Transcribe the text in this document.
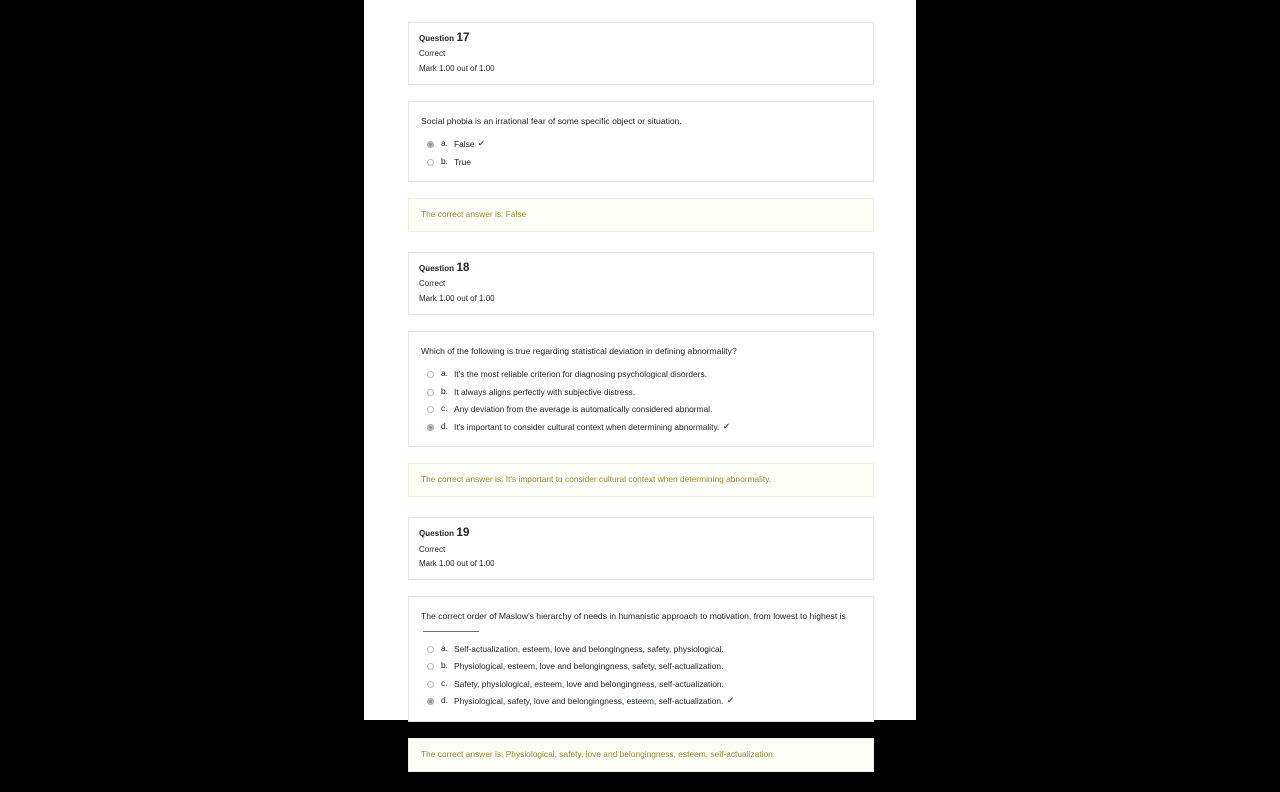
Question 17

Correct

Mark 1.00 out of 1.00

Social phobia is an irrational fear of some specific object or situation.

a. False ✓
b. True

The correct answer is: False

Question 18

Correct

Mark 1.00 out of 1.00

Which of the following is true regarding statistical deviation in defining abnormality?

a. It's the most reliable criterion for diagnosing psychological disorders.
b. It always aligns perfectly with subjective distress.
c. Any deviation from the average is automatically considered abnormal.
d. It's important to consider cultural context when determining abnormality. ✓

The correct answer is: It's important to consider cultural context when determining abnormality.

Question 19

Correct

Mark 1.00 out of 1.00

The correct order of Maslow's hierarchy of needs in humanistic approach to motivation, from lowest to highest is

a. Self-actualization, esteem, love and belongingness, safety, physiological.
b. Physiological, esteem, love and belongingness, safety, self-actualization.
c. Safety, physiological, esteem, love and belongingness, self-actualization.
d. Physiological, safety, love and belongingness, esteem, self-actualization. ✓

The correct answer is: Physiological, safety, love and belongingness, esteem, self-actualization.
